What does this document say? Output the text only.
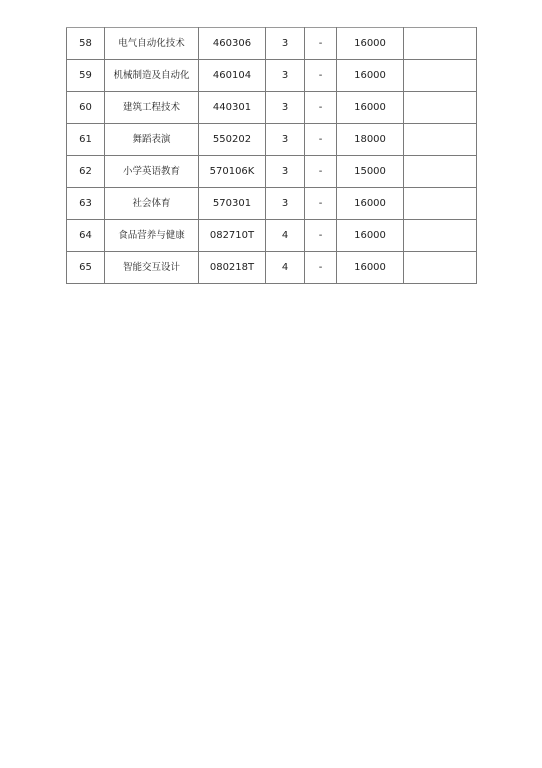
58	电气自动化技术	460306	3	-	16000	
59	机械制造及自动化	460104	3	-	16000	
60	建筑工程技术	440301	3	-	16000	
61	舞蹈表演	550202	3	-	18000	
62	小学英语教育	570106K	3	-	15000	
63	社会体育	570301	3	-	16000	
64	食品营养与健康	082710T	4	-	16000	
65	智能交互设计	080218T	4	-	16000	
